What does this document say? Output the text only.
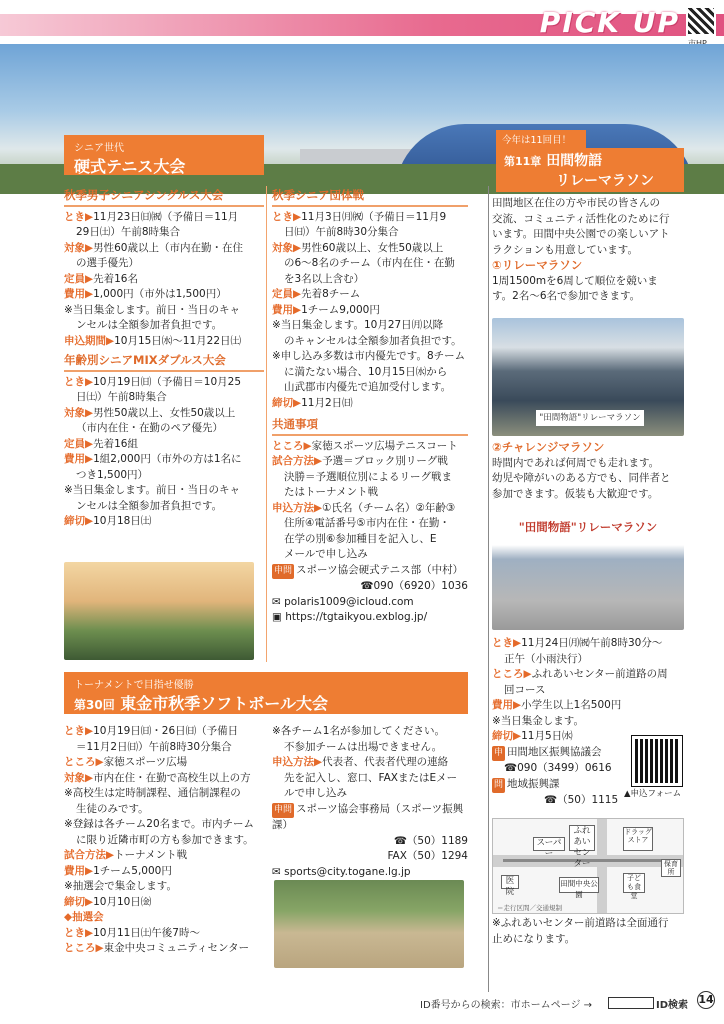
PICK UP
シニア世代
硬式テニス大会
秋季男子シニアシングルス大会

とき▶11月23日㈰㈷（予備日＝11月

29日㈯）午前8時集合

対象▶男性60歳以上（市内在勤・在住

の選手優先）

定員▶先着16名

費用▶1,000円（市外は1,500円）

※当日集金します。前日・当日のキャ

ンセルは全額参加者負担です。

申込期間▶10月15日㈬〜11月22日㈯

年齢別シニアMIXダブルス大会

とき▶10月19日㈰（予備日＝10月25

日㈯）午前8時集合

対象▶男性50歳以上、女性50歳以上

（市内在住・在勤のペア優先）

定員▶先着16組

費用▶1組2,000円（市外の方は1名に

つき1,500円）

※当日集金します。前日・当日のキャ

ンセルは全額参加者負担です。

締切▶10月18日㈯

秋季シニア団体戦

とき▶11月3日㈪㈷（予備日＝11月9

日㈰）午前8時30分集合

対象▶男性60歳以上、女性50歳以上

の6〜8名のチーム（市内在住・在勤

を3名以上含む）

定員▶先着8チーム

費用▶1チーム9,000円

※当日集金します。10月27日㈪以降

のキャンセルは全額参加者負担です。

※申し込み多数は市内優先です。8チーム

に満たない場合、10月15日㈬から

山武郡市内優先で追加受付します。

締切▶11月2日㈰

共通事項

ところ▶家徳スポーツ広場テニスコート

試合方法▶予選＝ブロック別リーグ戦

決勝＝予選順位別によるリーグ戦ま

たはトーナメント戦

申込方法▶①氏名（チーム名）②年齢③

住所④電話番号⑤市内在住・在勤・

在学の別⑥参加種目を記入し、E

メールで申し込み

申問 スポーツ協会硬式テニス部（中村）

☎090（6920）1036

✉ polaris1009@icloud.com

▣ https://tgtaikyou.exblog.jp/

トーナメントで目指せ優勝
第30回 東金市秋季ソフトボール大会

とき▶10月19日㈰・26日㈰（予備日

＝11月2日㈰）午前8時30分集合

ところ▶家徳スポーツ広場

対象▶市内在住・在勤で高校生以上の方

※高校生は定時制課程、通信制課程の

生徒のみです。

※登録は各チーム20名まで。市内チーム

に限り近隣市町の方も参加できます。

試合方法▶トーナメント戦

費用▶1チーム5,000円

※抽選会で集金します。

締切▶10月10日㈮

◆抽選会

とき▶10月11日㈯午後7時〜

ところ▶東金中央コミュニティセンター

※各チーム1名が参加してください。

不参加チームは出場できません。

申込方法▶代表者、代表者代理の連絡

先を記入し、窓口、FAXまたはEメー

ルで申し込み

申問 スポーツ協会事務局（スポーツ振興課）

☎（50）1189

FAX（50）1294

✉ sports@city.togane.lg.jp

今年は11回目！
第11章 田間物語
リレーマラソン

田間地区在住の方や市民の皆さんの

交流、コミュニティ活性化のために行

います。田間中央公園での楽しいアト

ラクションも用意しています。

①リレーマラソン

1周1500mを6周して順位を競いま

す。2名〜6名で参加できます。

"田間物語"リレーマラソン
②チャレンジマラソン

時間内であれば何周でも走れます。

幼児や障がいのある方でも、同伴者と

参加できます。仮装も大歓迎です。

"田間物語"リレーマラソン

とき▶11月24日㈪㈷午前8時30分〜

正午（小雨決行）

ところ▶ふれあいセンター前道路の周

回コース

費用▶小学生以上1名500円

※当日集金します。

締切▶11月5日㈬

申 田間地区振興協議会

☎090（3499）0616

問 地域振興課

☎（50）1115 ▲申込フォーム
スーパー
ふれあいセンター
ドラッグストア
医院
田間中央公園
子ども食堂
保育所
＝走行区間／交通規制

※ふれあいセンター前道路は全面通行

止めになります。

ID番号からの検索：市ホームページ →	ID検索 14
